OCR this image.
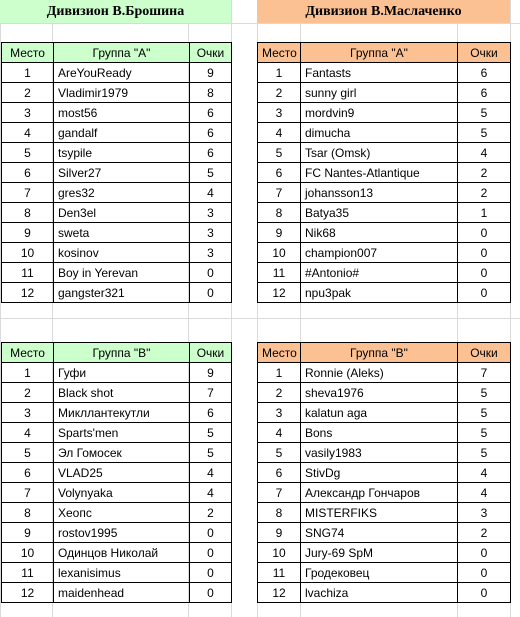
Дивизион В.Брошина	Дивизион В.Маслаченко
Место	Группа "А"	Очки
1	AreYouReady	9
2	Vladimir1979	8
3	most56	6
4	gandalf	6
5	tsypile	6
6	Silver27	5
7	gres32	4
8	Den3el	3
9	sweta	3
10	kosinov	3
11	Boy in Yerevan	0
12	gangster321	0
Место	Группа "В"	Очки
1	Гуфи	9
2	Black shot	7
3	Микллантекутли	6
4	Sparts'men	5
5	Эл Гомосек	5
6	VLAD25	4
7	Volynyaka	4
8	Хеопс	2
9	rostov1995	0
10	Одинцов Николай	0
11	lexanisimus	0
12	maidenhead	0
Место	Группа "А"	Очки
1	Fantasts	6
2	sunny girl	6
3	mordvin9	5
4	dimucha	5
5	Tsar (Omsk)	4
6	FC Nantes-Atlantique	2
7	johansson13	2
8	Batya35	1
9	Nik68	0
10	champion007	0
11	#Antonio#	0
12	npu3pak	0
Место	Группа "В"	Очки
1	Ronnie (Aleks)	7
2	sheva1976	5
3	kalatun aga	5
4	Bons	5
5	vasily1983	5
6	StivDg	4
7	Александр Гончаров	4
8	MISTERFIKS	3
9	SNG74	2
10	Jury-69 SpM	0
11	Гродековец	0
12	lvachiza	0
